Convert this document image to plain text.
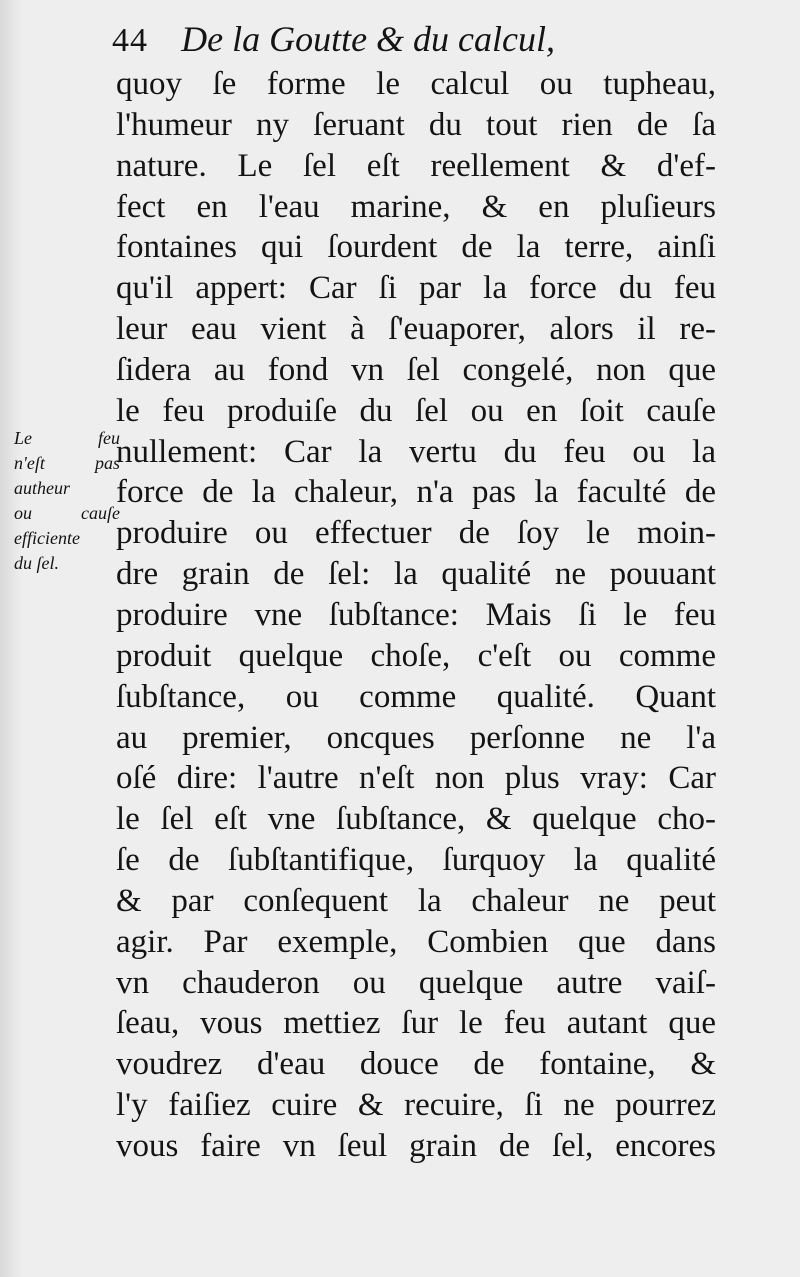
44 De la Goutte & du calcul,
Le feu
n'eſt pas
autheur
ou cauſe
efficiente
du ſel.
quoy ſe forme le calcul ou tupheau,
l'humeur ny ſeruant du tout rien de ſa
nature. Le ſel eſt reellement & d'ef-
fect en l'eau marine, & en pluſieurs
fontaines qui ſourdent de la terre, ainſi
qu'il appert: Car ſi par la force du feu
leur eau vient à ſ'euaporer, alors il re-
ſidera au fond vn ſel congelé, non que
le feu produiſe du ſel ou en ſoit cauſe
nullement: Car la vertu du feu ou la
force de la chaleur, n'a pas la faculté de
produire ou effectuer de ſoy le moin-
dre grain de ſel: la qualité ne pouuant
produire vne ſubſtance: Mais ſi le feu
produit quelque choſe, c'eſt ou comme
ſubſtance, ou comme qualité. Quant
au premier, oncques perſonne ne l'a
oſé dire: l'autre n'eſt non plus vray: Car
le ſel eſt vne ſubſtance, & quelque cho-
ſe de ſubſtantifique, ſurquoy la qualité
& par conſequent la chaleur ne peut
agir. Par exemple, Combien que dans
vn chauderon ou quelque autre vaiſ-
ſeau, vous mettiez ſur le feu autant que
voudrez d'eau douce de fontaine, &
l'y faiſiez cuire & recuire, ſi ne pourrez
vous faire vn ſeul grain de ſel, encores
